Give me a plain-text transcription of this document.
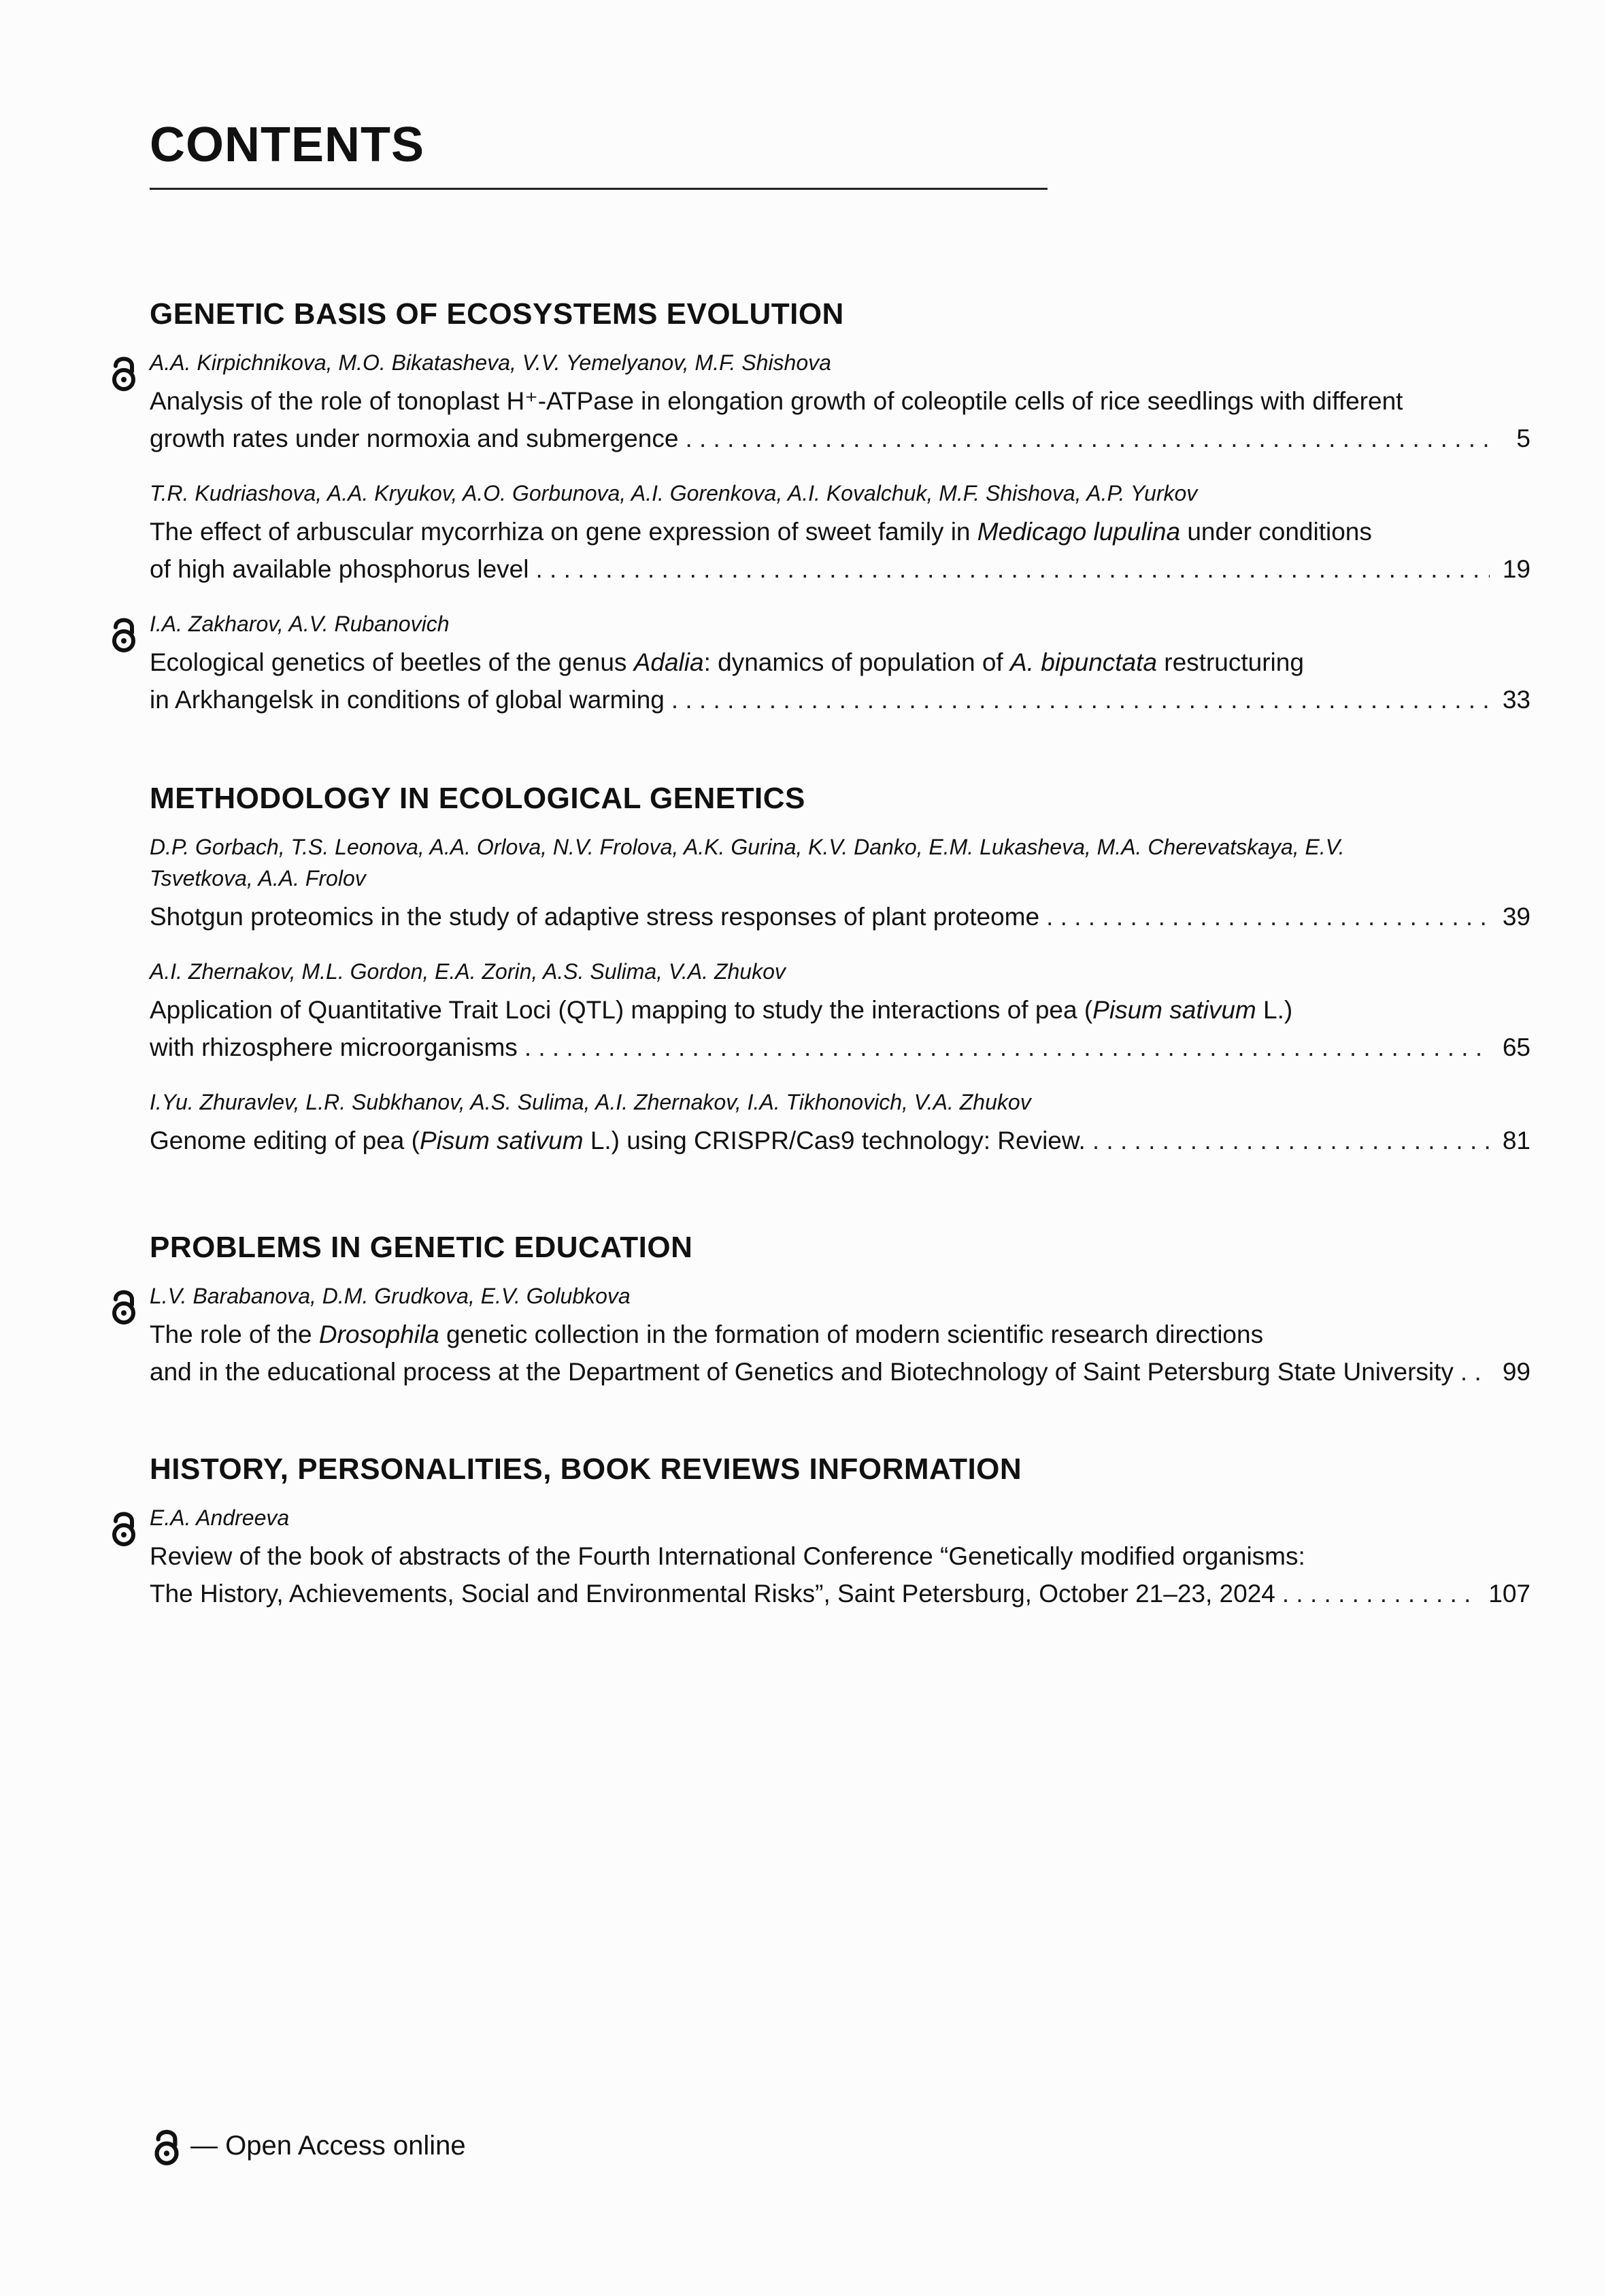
CONTENTS
GENETIC BASIS OF ECOSYSTEMS EVOLUTION

A.A. Kirpichnikova, M.O. Bikatasheva, V.V. Yemelyanov, M.F. Shishova

Analysis of the role of tonoplast H⁺-ATPase in elongation growth of coleoptile cells of rice seedlings with different

growth rates under normoxia and submergence . . .	5

T.R. Kudriashova, A.A. Kryukov, A.O. Gorbunova, A.I. Gorenkova, A.I. Kovalchuk, M.F. Shishova, A.P. Yurkov

The effect of arbuscular mycorrhiza on gene expression of sweet family in Medicago lupulina under conditions

of high available phosphorus level . . .	19

I.A. Zakharov, A.V. Rubanovich

Ecological genetics of beetles of the genus Adalia: dynamics of population of A. bipunctata restructuring

in Arkhangelsk in conditions of global warming . . .	33
METHODOLOGY IN ECOLOGICAL GENETICS

D.P. Gorbach, T.S. Leonova, A.A. Orlova, N.V. Frolova, A.K. Gurina, K.V. Danko, E.M. Lukasheva, M.A. Cherevatskaya, E.V. Tsvetkova, A.A. Frolov

Shotgun proteomics in the study of adaptive stress responses of plant proteome . . .	39

A.I. Zhernakov, M.L. Gordon, E.A. Zorin, A.S. Sulima, V.A. Zhukov

Application of Quantitative Trait Loci (QTL) mapping to study the interactions of pea (Pisum sativum L.)

with rhizosphere microorganisms . . .	65

I.Yu. Zhuravlev, L.R. Subkhanov, A.S. Sulima, A.I. Zhernakov, I.A. Tikhonovich, V.A. Zhukov

Genome editing of pea (Pisum sativum L.) using CRISPR/Cas9 technology: Review. . . .	81
PROBLEMS IN GENETIC EDUCATION

L.V. Barabanova, D.M. Grudkova, E.V. Golubkova

The role of the Drosophila genetic collection in the formation of modern scientific research directions

and in the educational process at the Department of Genetics and Biotechnology of Saint Petersburg State University . . . 99
HISTORY, PERSONALITIES, BOOK REVIEWS INFORMATION

E.A. Andreeva

Review of the book of abstracts of the Fourth International Conference “Genetically modified organisms:

The History, Achievements, Social and Environmental Risks”, Saint Petersburg, October 21–23, 2024 . . .	107
— Open Access online
